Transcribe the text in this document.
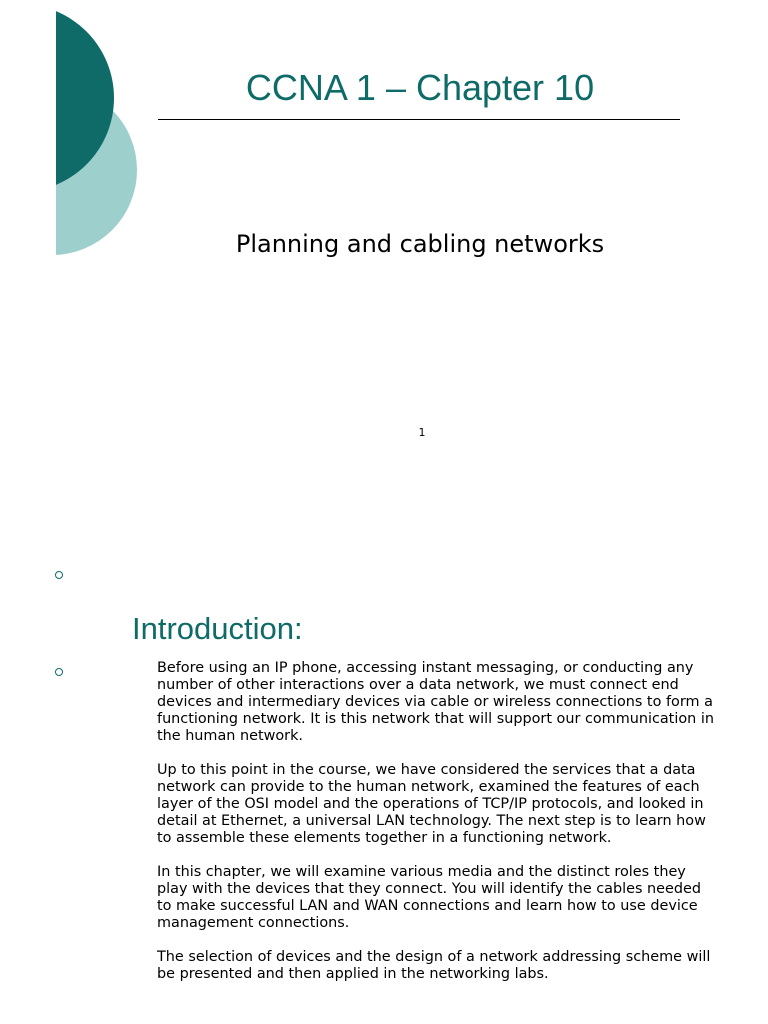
CCNA 1 – Chapter 10
Planning and cabling networks
1
Introduction:

Before using an IP phone, accessing instant messaging, or conducting any number of other interactions over a data network, we must connect end devices and intermediary devices via cable or wireless connections to form a functioning network. It is this network that will support our communication in the human network.

Up to this point in the course, we have considered the services that a data network can provide to the human network, examined the features of each layer of the OSI model and the operations of TCP/IP protocols, and looked in detail at Ethernet, a universal LAN technology. The next step is to learn how to assemble these elements together in a functioning network.

In this chapter, we will examine various media and the distinct roles they play with the devices that they connect. You will identify the cables needed to make successful LAN and WAN connections and learn how to use device management connections.

The selection of devices and the design of a network addressing scheme will be presented and then applied in the networking labs.
